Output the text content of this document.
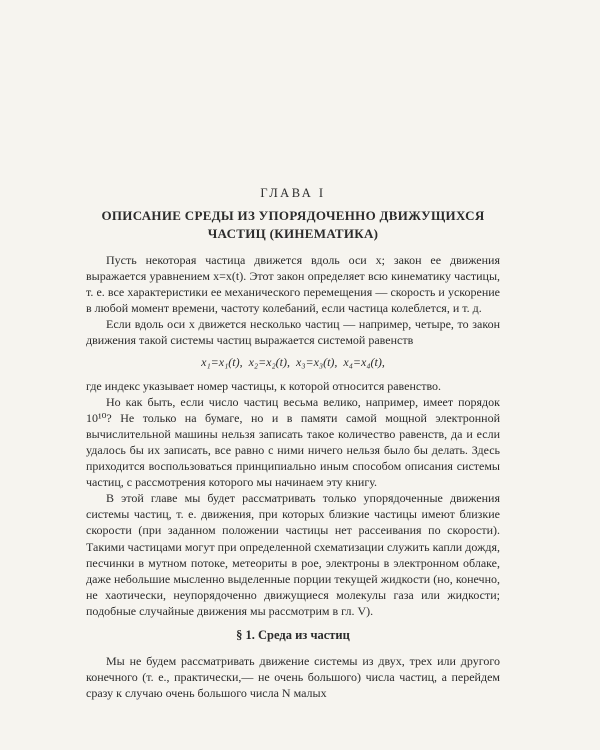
ГЛАВА I
ОПИСАНИЕ СРЕДЫ ИЗ УПОРЯДОЧЕННО ДВИЖУЩИХСЯ
ЧАСТИЦ (КИНЕМАТИКА)

Пусть некоторая частица движется вдоль оси x; закон ее движения выражается уравнением x=x(t). Этот закон определяет всю кинематику частицы, т. е. все характеристики ее механического перемещения — скорость и ускорение в любой момент времени, частоту колебаний, если частица колеблется, и т. д.

Если вдоль оси x движется несколько частиц — например, четыре, то закон движения такой системы частиц выражается системой равенств

x₁=x₁(t), x₂=x₂(t), x₃=x₃(t), x₄=x₄(t),

где индекс указывает номер частицы, к которой относится равенство.

Но как быть, если число частиц весьма велико, например, имеет порядок 10¹⁰? Не только на бумаге, но и в памяти самой мощной электронной вычислительной машины нельзя записать такое количество равенств, да и если удалось бы их записать, все равно с ними ничего нельзя было бы делать. Здесь приходится воспользоваться принципиально иным способом описания системы частиц, с рассмотрения которого мы начинаем эту книгу.

В этой главе мы будет рассматривать только упорядоченные движения системы частиц, т. е. движения, при которых близкие частицы имеют близкие скорости (при заданном положении частицы нет рассеивания по скорости). Такими частицами могут при определенной схематизации служить капли дождя, песчинки в мутном потоке, метеориты в рое, электроны в электронном облаке, даже небольшие мысленно выделенные порции текущей жидкости (но, конечно, не хаотически, неупорядоченно движущиеся молекулы газа или жидкости; подобные случайные движения мы рассмотрим в гл. V).

§ 1. Среда из частиц

Мы не будем рассматривать движение системы из двух, трех или другого конечного (т. е., практически,— не очень большого) числа частиц, а перейдем сразу к случаю очень большого числа N малых
